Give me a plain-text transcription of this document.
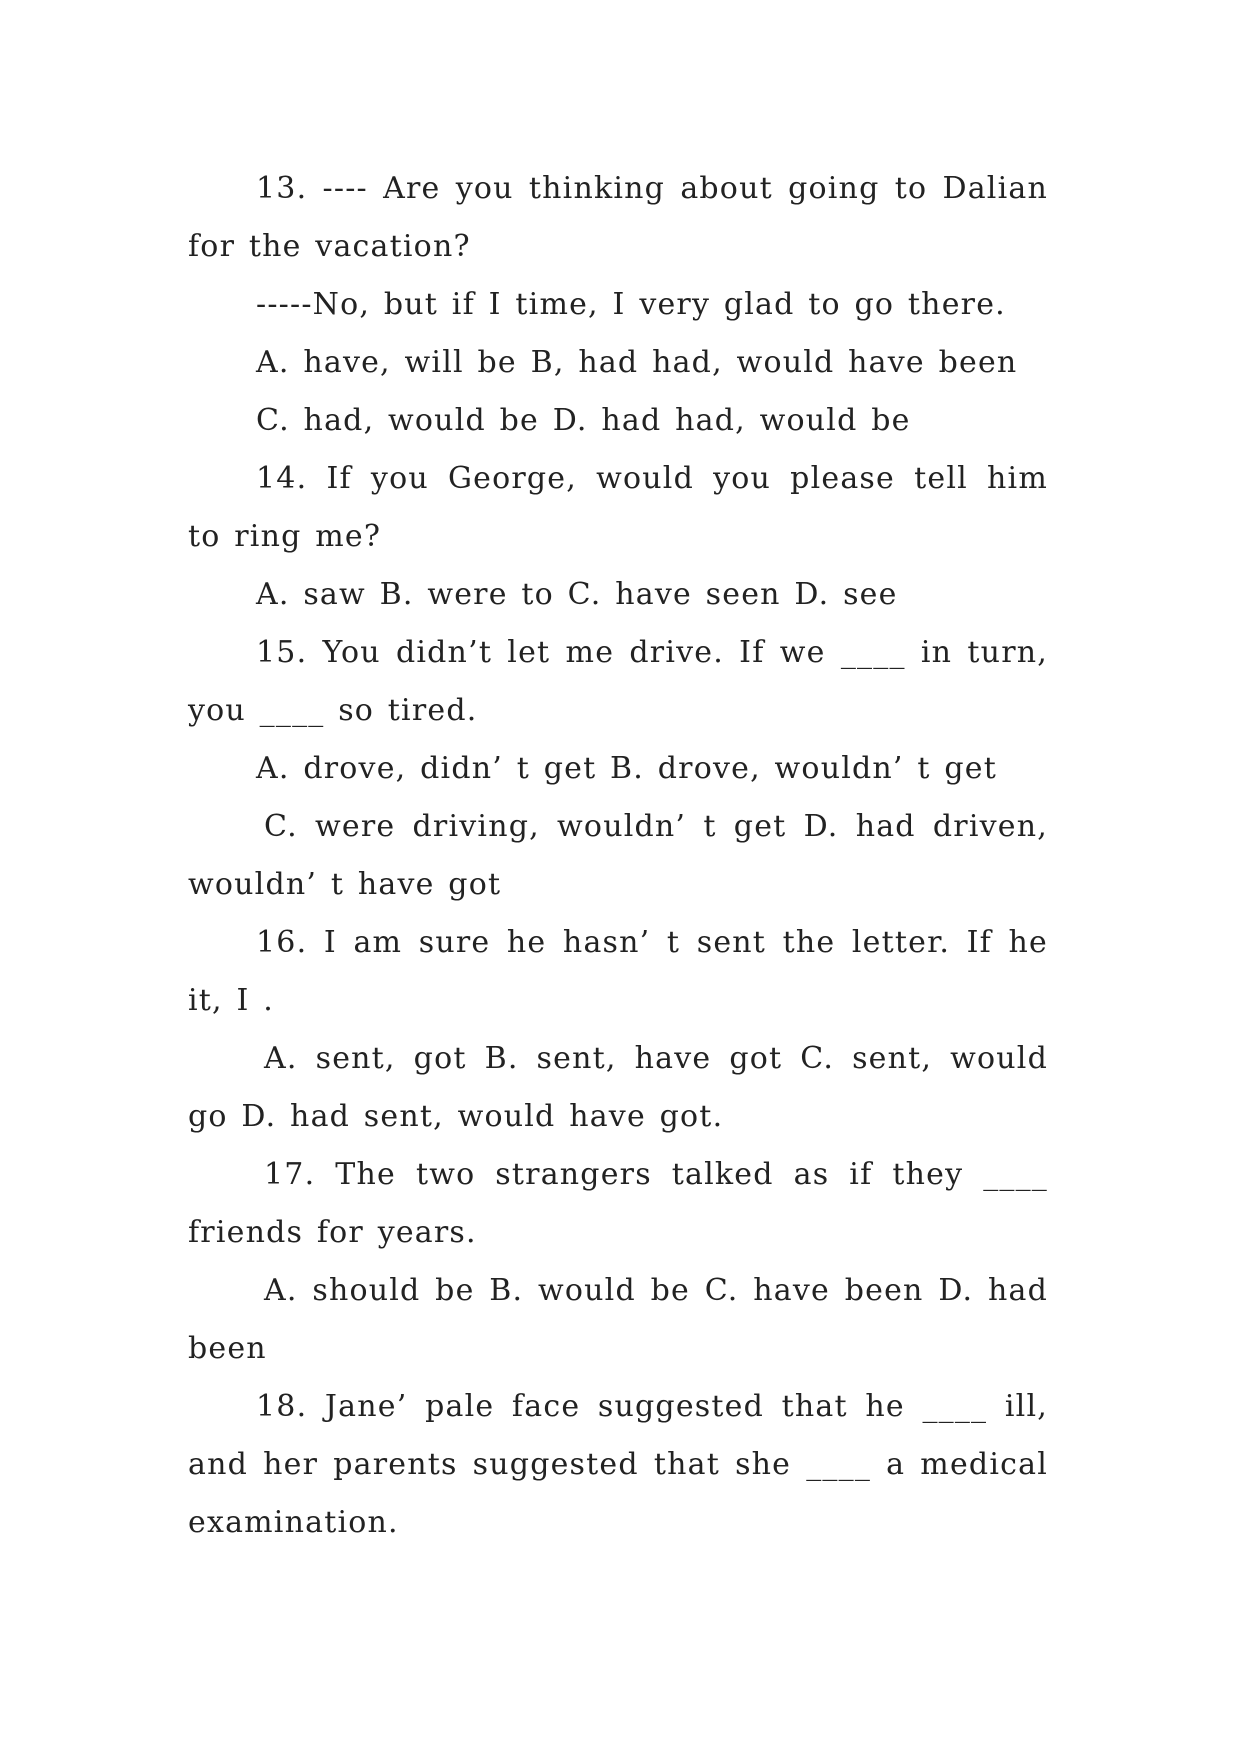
13. ---- Are you thinking about going to Dalian for the vacation?

-----No, but if I time, I very glad to go there.

A. have, will be B, had had, would have been

C. had, would be D. had had, would be

14. If you George, would you please tell him to ring me?

A. saw B. were to C. have seen D. see

15. You didn’t let me drive. If we ____ in turn, you ____ so tired.

A. drove, didn’ t get B. drove, wouldn’ t get

C. were driving, wouldn’ t get D. had driven, wouldn’ t have got

16. I am sure he hasn’ t sent the letter. If he it, I .

A. sent, got B. sent, have got C. sent, would go D. had sent, would have got.

17. The two strangers talked as if they ____ friends for years.

A. should be B. would be C. have been D. had been

18. Jane’ pale face suggested that he ____ ill, and her parents suggested that she ____ a medical examination.
